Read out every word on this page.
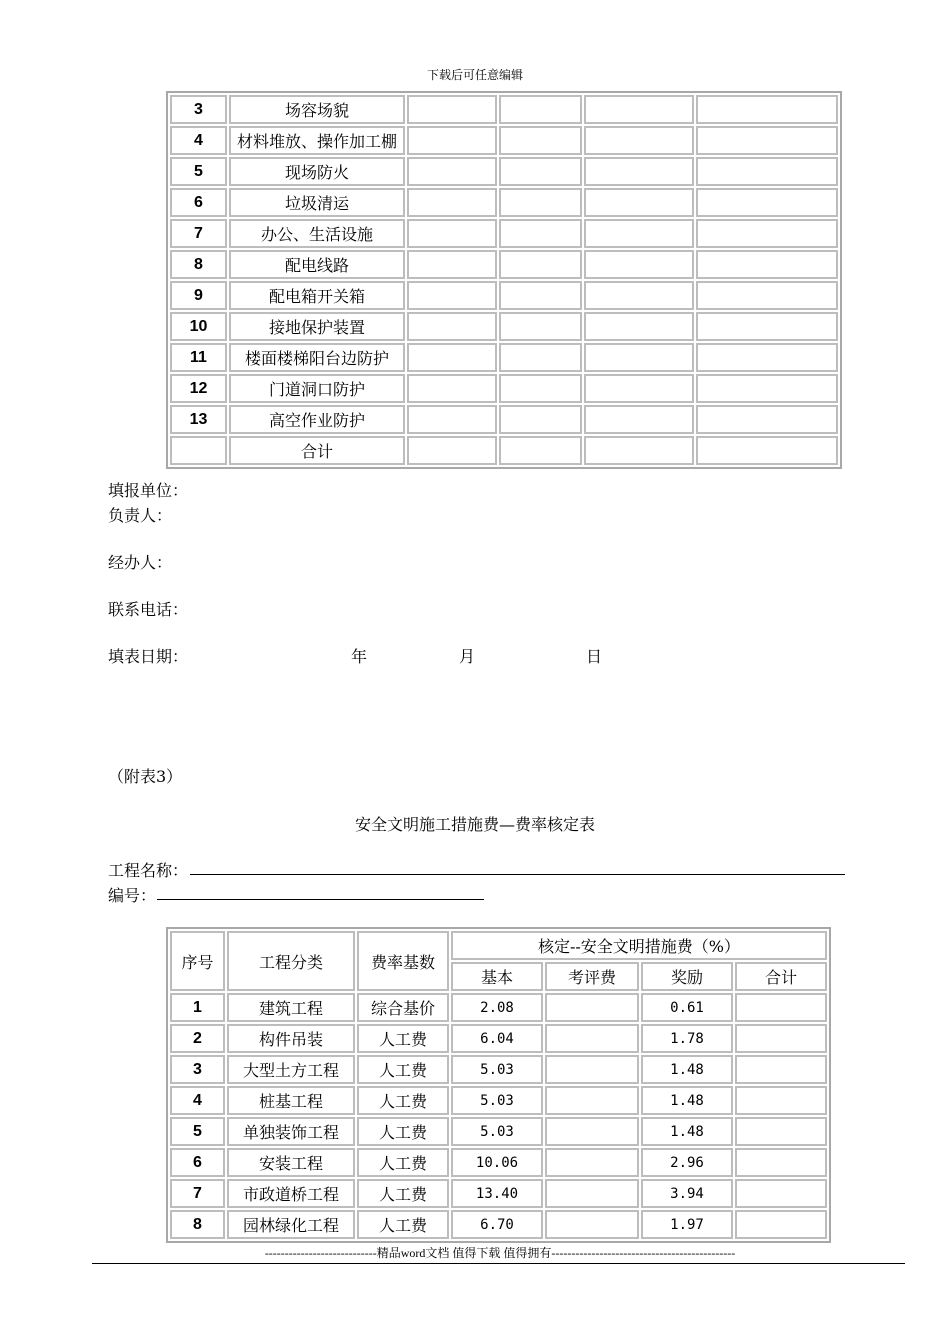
下载后可任意编辑
3	场容场貌				
4	材料堆放、操作加工棚				
5	现场防火				
6	垃圾清运				
7	办公、生活设施				
8	配电线路				
9	配电箱开关箱				
10	接地保护装置				
11	楼面楼梯阳台边防护				
12	门道洞口防护				
13	高空作业防护				
	合计				
填报单位：
负责人：
经办人：
联系电话：
填表日期：	年	月	日
（附表3）
安全文明施工措施费—费率核定表
工程名称：
编号：
序号	工程分类	费率基数	核定--安全文明措施费（%）			
			基本	考评费	奖励	合计
1	建筑工程	综合基价	2.08		0.61	
2	构件吊装	人工费	6.04		1.78	
3	大型土方工程	人工费	5.03		1.48	
4	桩基工程	人工费	5.03		1.48	
5	单独装饰工程	人工费	5.03		1.48	
6	安装工程	人工费	10.06		2.96	
7	市政道桥工程	人工费	13.40		3.94	
8	园林绿化工程	人工费	6.70		1.97	
----------------------------精品word文档 值得下载 值得拥有----------------------------------------------
